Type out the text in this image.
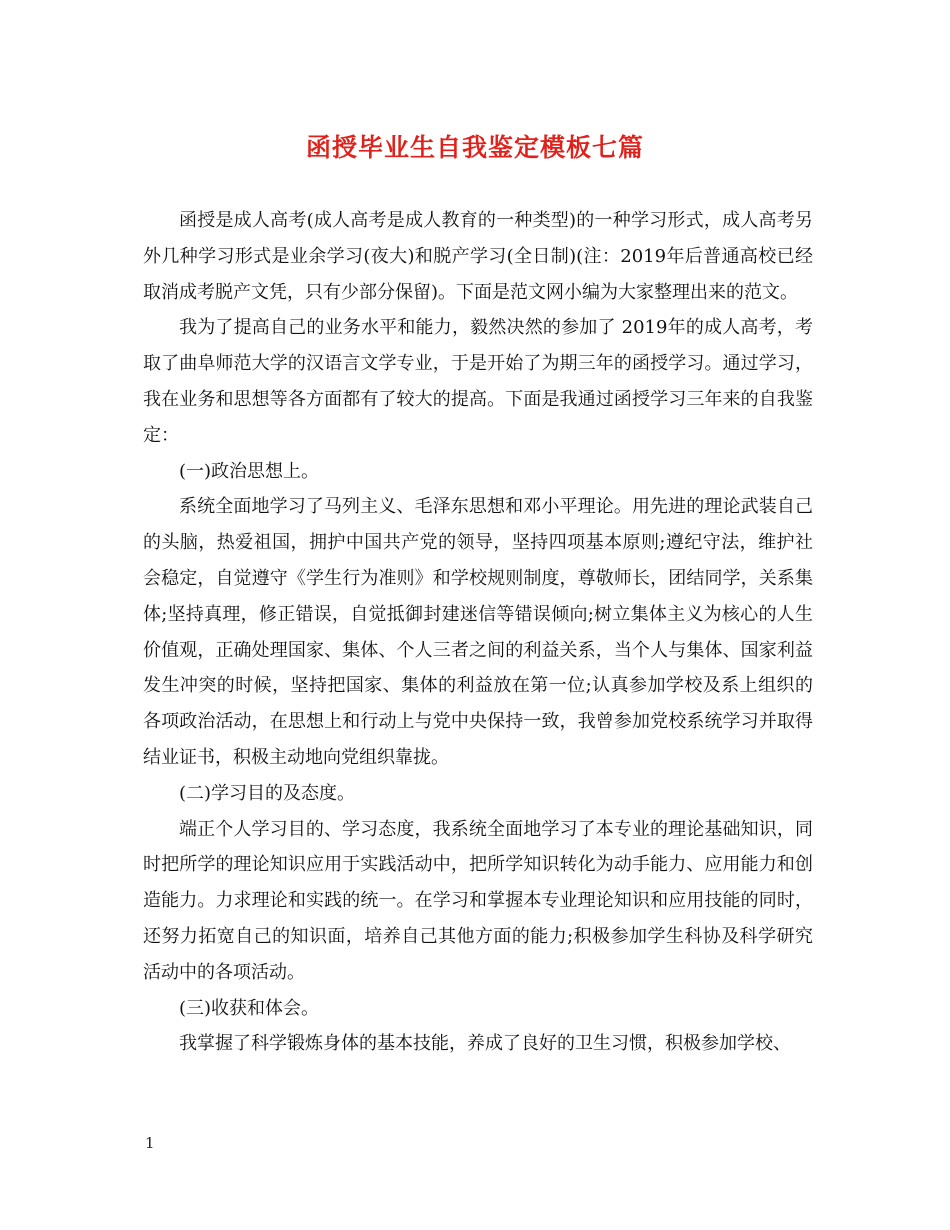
函授毕业生自我鉴定模板七篇

函授是成人高考(成人高考是成人教育的一种类型)的一种学习形式，成人高考另外几种学习形式是业余学习(夜大)和脱产学习(全日制)(注：2019年后普通高校已经取消成考脱产文凭，只有少部分保留)。下面是范文网小编为大家整理出来的范文。

我为了提高自己的业务水平和能力，毅然决然的参加了 2019年的成人高考，考取了曲阜师范大学的汉语言文学专业，于是开始了为期三年的函授学习。通过学习，我在业务和思想等各方面都有了较大的提高。下面是我通过函授学习三年来的自我鉴定：

(一)政治思想上。

系统全面地学习了马列主义、毛泽东思想和邓小平理论。用先进的理论武装自己的头脑，热爱祖国，拥护中国共产党的领导，坚持四项基本原则;遵纪守法，维护社会稳定，自觉遵守《学生行为准则》和学校规则制度，尊敬师长，团结同学，关系集体;坚持真理，修正错误，自觉抵御封建迷信等错误倾向;树立集体主义为核心的人生价值观，正确处理国家、集体、个人三者之间的利益关系，当个人与集体、国家利益发生冲突的时候，坚持把国家、集体的利益放在第一位;认真参加学校及系上组织的各项政治活动，在思想上和行动上与党中央保持一致，我曾参加党校系统学习并取得结业证书，积极主动地向党组织靠拢。

(二)学习目的及态度。

端正个人学习目的、学习态度，我系统全面地学习了本专业的理论基础知识，同时把所学的理论知识应用于实践活动中，把所学知识转化为动手能力、应用能力和创造能力。力求理论和实践的统一。在学习和掌握本专业理论知识和应用技能的同时，还努力拓宽自己的知识面，培养自己其他方面的能力;积极参加学生科协及科学研究活动中的各项活动。

(三)收获和体会。

我掌握了科学锻炼身体的基本技能，养成了良好的卫生习惯，积极参加学校、

1
